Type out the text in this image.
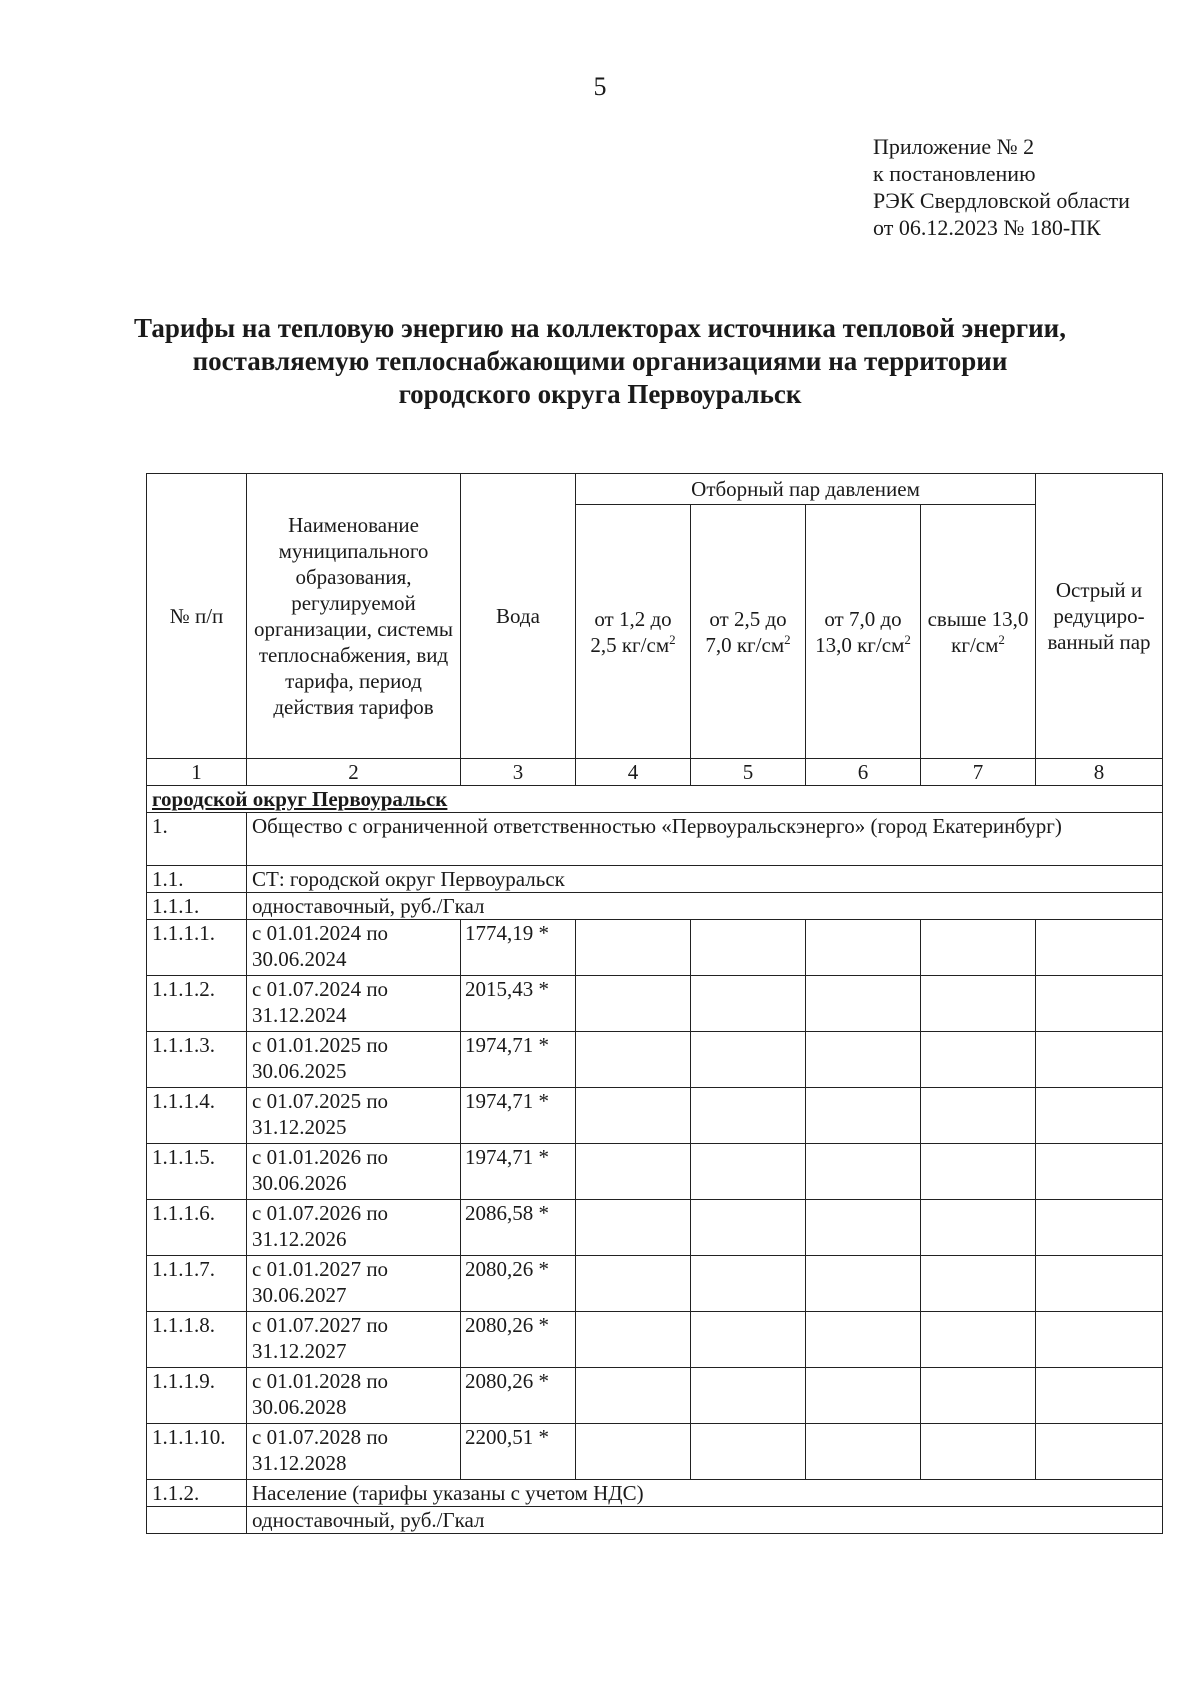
5
Приложение № 2
к постановлению
РЭК Свердловской области
от 06.12.2023 № 180-ПК
Тарифы на тепловую энергию на коллекторах источника тепловой энергии,
поставляемую теплоснабжающими организациями на территории
городского округа Первоуральск
№ п/п	Наименование муниципального образования, регулируемой организации, системы теплоснабжения, вид тарифа, период действия тарифов	Вода	Отборный пар давлением				Острый и редуциро-ванный пар
			от 1,2 до 2,5 $кг/см^2$	от 2,5 до 7,0 $кг/см^2$	от 7,0 до 13,0 $кг/см^2$	свыше 13,0 $кг/см^2$
1	2	3	4	5	6	7	8
городской округ Первоуральск							
1.	Общество с ограниченной ответственностью «Первоуральскэнерго» (город Екатеринбург)						
1.1.	СТ: городской округ Первоуральск						
1.1.1.	одноставочный, руб./Гкал						
1.1.1.1.	с 01.01.2024 по 30.06.2024	1774,19 *					
1.1.1.2.	с 01.07.2024 по 31.12.2024	2015,43 *					
1.1.1.3.	с 01.01.2025 по 30.06.2025	1974,71 *					
1.1.1.4.	с 01.07.2025 по 31.12.2025	1974,71 *					
1.1.1.5.	с 01.01.2026 по 30.06.2026	1974,71 *					
1.1.1.6.	с 01.07.2026 по 31.12.2026	2086,58 *					
1.1.1.7.	с 01.01.2027 по 30.06.2027	2080,26 *					
1.1.1.8.	с 01.07.2027 по 31.12.2027	2080,26 *					
1.1.1.9.	с 01.01.2028 по 30.06.2028	2080,26 *					
1.1.1.10.	с 01.07.2028 по 31.12.2028	2200,51 *					
1.1.2.	Население (тарифы указаны с учетом НДС)						
	одноставочный, руб./Гкал						
